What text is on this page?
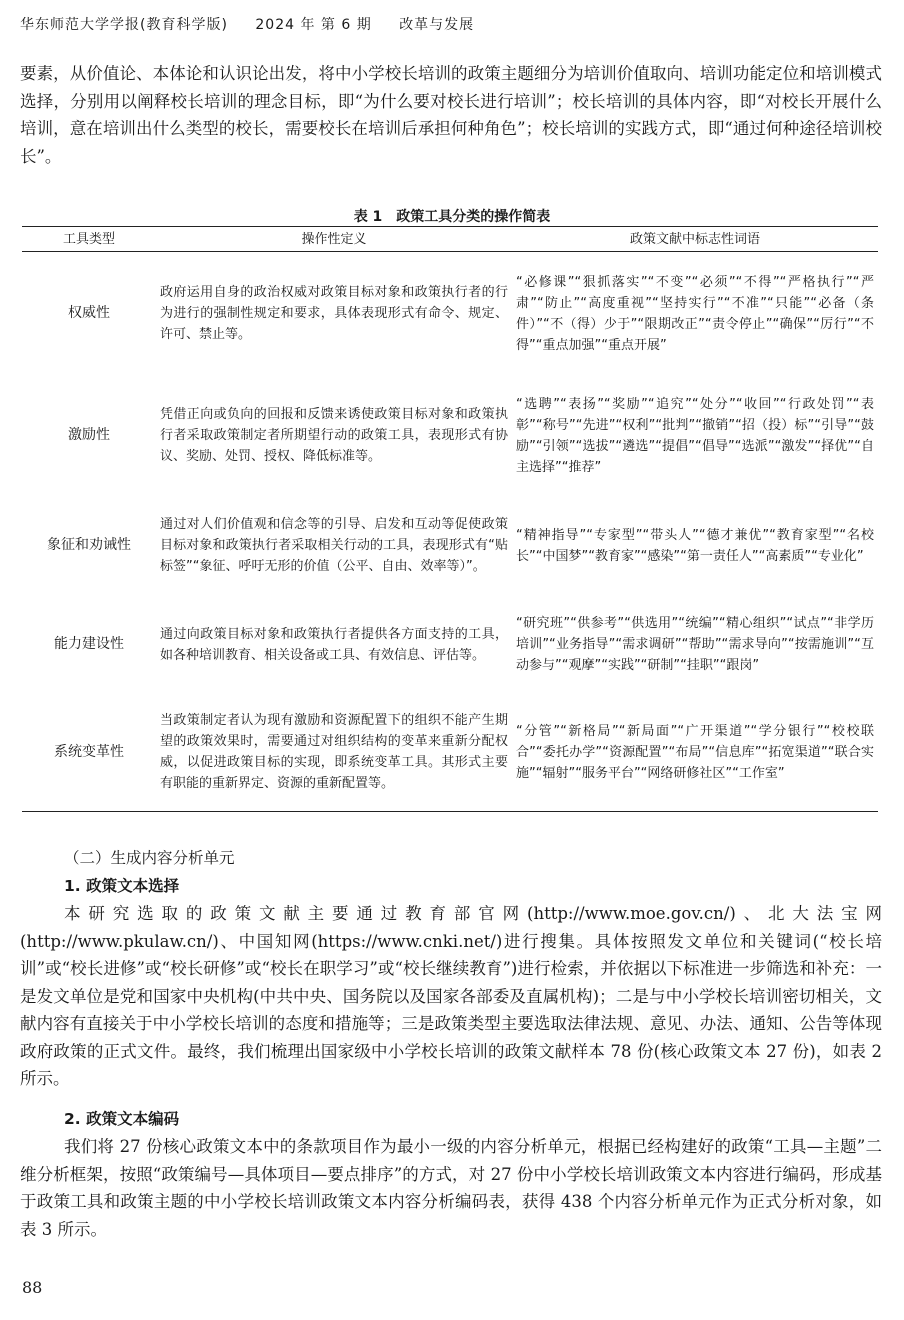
华东师范大学学报(教育科学版) 2024 年 第 6 期 改革与发展
要素，从价值论、本体论和认识论出发，将中小学校长培训的政策主题细分为培训价值取向、培训功能定位和培训模式选择，分别用以阐释校长培训的理念目标，即“为什么要对校长进行培训”；校长培训的具体内容，即“对校长开展什么培训，意在培训出什么类型的校长，需要校长在培训后承担何种角色”；校长培训的实践方式，即“通过何种途径培训校长”。
表 1　政策工具分类的操作简表
工具类型	操作性定义	政策文献中标志性词语
权威性	政府运用自身的政治权威对政策目标对象和政策执行者的行为进行的强制性规定和要求，具体表现形式有命令、规定、许可、禁止等。	“必修课”“狠抓落实”“不变”“必须”“不得”“严格执行”“严肃”“防止”“高度重视”“坚持实行”“不准”“只能”“必备（条件）”“不（得）少于”“限期改正”“责令停止”“确保”“厉行”“不得”“重点加强”“重点开展”
激励性	凭借正向或负向的回报和反馈来诱使政策目标对象和政策执行者采取政策制定者所期望行动的政策工具，表现形式有协议、奖励、处罚、授权、降低标准等。	“选聘”“表扬”“奖励”“追究”“处分”“收回”“行政处罚”“表彰”“称号”“先进”“权利”“批判”“撤销”“招（投）标”“引导”“鼓励”“引领”“选拔”“遴选”“提倡”“倡导”“选派”“激发”“择优”“自主选择”“推荐”
象征和劝诫性	通过对人们价值观和信念等的引导、启发和互动等促使政策目标对象和政策执行者采取相关行动的工具，表现形式有“贴标签”“象征、呼吁无形的价值（公平、自由、效率等）”。	“精神指导”“专家型”“带头人”“德才兼优”“教育家型”“名校长”“中国梦”“教育家”“感染”“第一责任人”“高素质”“专业化”
能力建设性	通过向政策目标对象和政策执行者提供各方面支持的工具，如各种培训教育、相关设备或工具、有效信息、评估等。	“研究班”“供参考”“供选用”“统编”“精心组织”“试点”“非学历培训”“业务指导”“需求调研”“帮助”“需求导向”“按需施训”“互动参与”“观摩”“实践”“研制”“挂职”“跟岗”
系统变革性	当政策制定者认为现有激励和资源配置下的组织不能产生期望的政策效果时，需要通过对组织结构的变革来重新分配权威，以促进政策目标的实现，即系统变革工具。其形式主要有职能的重新界定、资源的重新配置等。	“分管”“新格局”“新局面”“广开渠道”“学分银行”“校校联合”“委托办学”“资源配置”“布局”“信息库”“拓宽渠道”“联合实施”“辐射”“服务平台”“网络研修社区”“工作室”
（二）生成内容分析单元
1. 政策文本选择
本研究选取的政策文献主要通过教育部官网(http://www.moe.gov.cn/)、北大法宝网(http://www.pkulaw.cn/)、中国知网(https://www.cnki.net/)进行搜集。具体按照发文单位和关键词(“校长培训”或“校长进修”或“校长研修”或“校长在职学习”或“校长继续教育”)进行检索，并依据以下标准进一步筛选和补充：一是发文单位是党和国家中央机构(中共中央、国务院以及国家各部委及直属机构)；二是与中小学校长培训密切相关，文献内容有直接关于中小学校长培训的态度和措施等；三是政策类型主要选取法律法规、意见、办法、通知、公告等体现政府政策的正式文件。最终，我们梳理出国家级中小学校长培训的政策文献样本 78 份(核心政策文本 27 份)，如表 2 所示。
2. 政策文本编码
我们将 27 份核心政策文本中的条款项目作为最小一级的内容分析单元，根据已经构建好的政策“工具—主题”二维分析框架，按照“政策编号—具体项目—要点排序”的方式，对 27 份中小学校长培训政策文本内容进行编码，形成基于政策工具和政策主题的中小学校长培训政策文本内容分析编码表，获得 438 个内容分析单元作为正式分析对象，如表 3 所示。
88
